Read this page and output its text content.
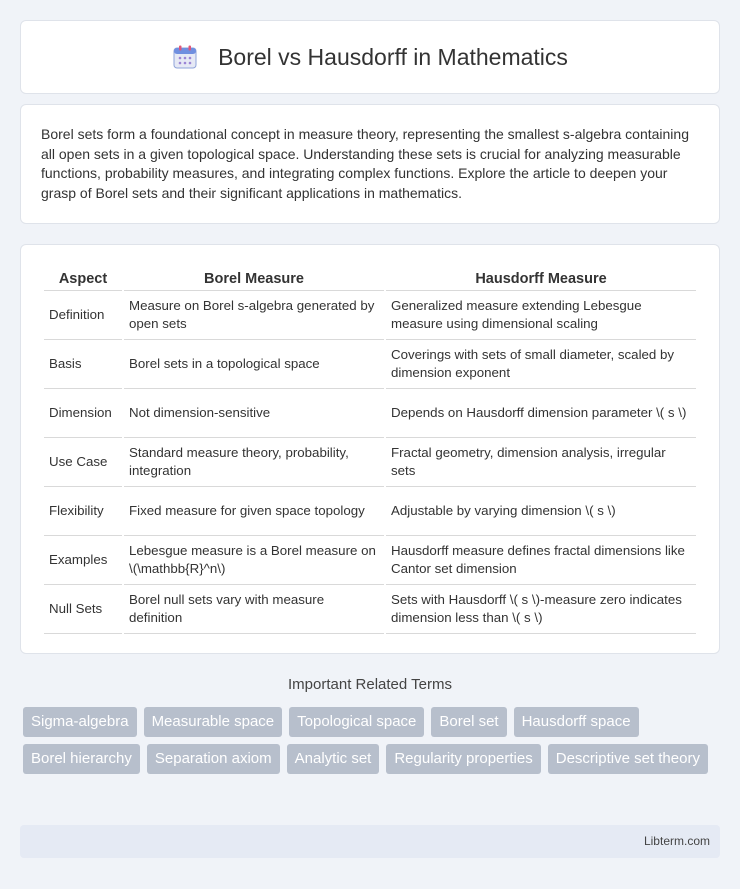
Borel vs Hausdorff in Mathematics

Borel sets form a foundational concept in measure theory, representing the smallest s-algebra containing all open sets in a given topological space. Understanding these sets is crucial for analyzing measurable functions, probability measures, and integrating complex functions. Explore the article to deepen your grasp of Borel sets and their significant applications in mathematics.

Aspect	Borel Measure	Hausdorff Measure
Definition	Measure on Borel s-algebra generated by open sets	Generalized measure extending Lebesgue measure using dimensional scaling
Basis	Borel sets in a topological space	Coverings with sets of small diameter, scaled by dimension exponent
Dimension	Not dimension-sensitive	Depends on Hausdorff dimension parameter \( s \)
Use Case	Standard measure theory, probability, integration	Fractal geometry, dimension analysis, irregular sets
Flexibility	Fixed measure for given space topology	Adjustable by varying dimension \( s \)
Examples	Lebesgue measure is a Borel measure on \(\mathbb{R}^n\)	Hausdorff measure defines fractal dimensions like Cantor set dimension
Null Sets	Borel null sets vary with measure definition	Sets with Hausdorff \( s \)-measure zero indicates dimension less than \( s \)
Important Related Terms
Sigma-algebra	Measurable space	Topological space	Borel set	Hausdorff space
Borel hierarchy	Separation axiom	Analytic set	Regularity properties	Descriptive set theory
Libterm.com
